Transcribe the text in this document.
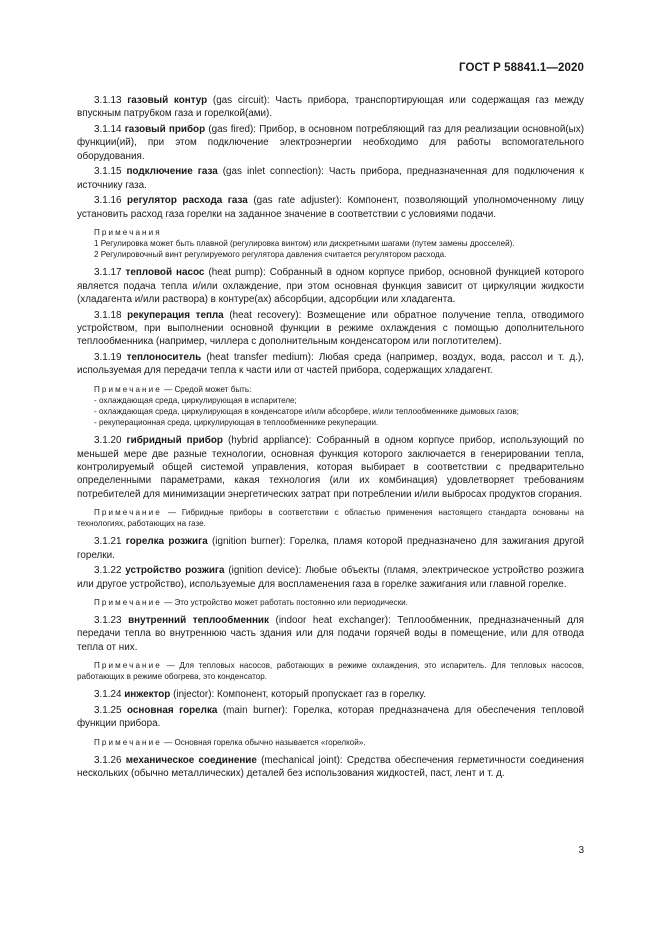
ГОСТ Р 58841.1—2020

3.1.13 газовый контур (gas circuit): Часть прибора, транспортирующая или содержащая газ между впускным патрубком газа и горелкой(ами).

3.1.14 газовый прибор (gas fired): Прибор, в основном потребляющий газ для реализации основной(ых) функции(ий), при этом подключение электроэнергии необходимо для работы вспомогательного оборудования.

3.1.15 подключение газа (gas inlet connection): Часть прибора, предназначенная для подключения к источнику газа.

3.1.16 регулятор расхода газа (gas rate adjuster): Компонент, позволяющий уполномоченному лицу установить расход газа горелки на заданное значение в соответствии с условиями подачи.

Примечания

1 Регулировка может быть плавной (регулировка винтом) или дискретными шагами (путем замены дросселей).

2 Регулировочный винт регулируемого регулятора давления считается регулятором расхода.

3.1.17 тепловой насос (heat pump): Собранный в одном корпусе прибор, основной функцией которого является подача тепла и/или охлаждение, при этом основная функция зависит от циркуляции жидкости (хладагента и/или раствора) в контуре(ах) абсорбции, адсорбции или хладагента.

3.1.18 рекуперация тепла (heat recovery): Возмещение или обратное получение тепла, отводимого устройством, при выполнении основной функции в режиме охлаждения с помощью дополнительного теплообменника (например, чиллера с дополнительным конденсатором или поглотителем).

3.1.19 теплоноситель (heat transfer medium): Любая среда (например, воздух, вода, рассол и т. д.), используемая для передачи тепла к части или от частей прибора, содержащих хладагент.

Примечание — Средой может быть:

- охлаждающая среда, циркулирующая в испарителе;

- охлаждающая среда, циркулирующая в конденсаторе и/или абсорбере, и/или теплообменнике дымовых газов;

- рекуперационная среда, циркулирующая в теплообменнике рекуперации.

3.1.20 гибридный прибор (hybrid appliance): Собранный в одном корпусе прибор, использующий по меньшей мере две разные технологии, основная функция которого заключается в генерировании тепла, контролируемый общей системой управления, которая выбирает в соответствии с предварительно определенными параметрами, какая технология (или их комбинация) удовлетворяет требованиям потребителей для минимизации энергетических затрат при потреблении и/или выбросах продуктов сгорания.

Примечание — Гибридные приборы в соответствии с областью применения настоящего стандарта основаны на технологиях, работающих на газе.

3.1.21 горелка розжига (ignition burner): Горелка, пламя которой предназначено для зажигания другой горелки.

3.1.22 устройство розжига (ignition device): Любые объекты (пламя, электрическое устройство розжига или другое устройство), используемые для воспламенения газа в горелке зажигания или главной горелке.

Примечание — Это устройство может работать постоянно или периодически.

3.1.23 внутренний теплообменник (indoor heat exchanger): Теплообменник, предназначенный для передачи тепла во внутреннюю часть здания или для подачи горячей воды в помещение, или для отвода тепла от них.

Примечание — Для тепловых насосов, работающих в режиме охлаждения, это испаритель. Для тепловых насосов, работающих в режиме обогрева, это конденсатор.

3.1.24 инжектор (injector): Компонент, который пропускает газ в горелку.

3.1.25 основная горелка (main burner): Горелка, которая предназначена для обеспечения тепловой функции прибора.

Примечание — Основная горелка обычно называется «горелкой».

3.1.26 механическое соединение (mechanical joint): Средства обеспечения герметичности соединения нескольких (обычно металлических) деталей без использования жидкостей, паст, лент и т. д.

3
